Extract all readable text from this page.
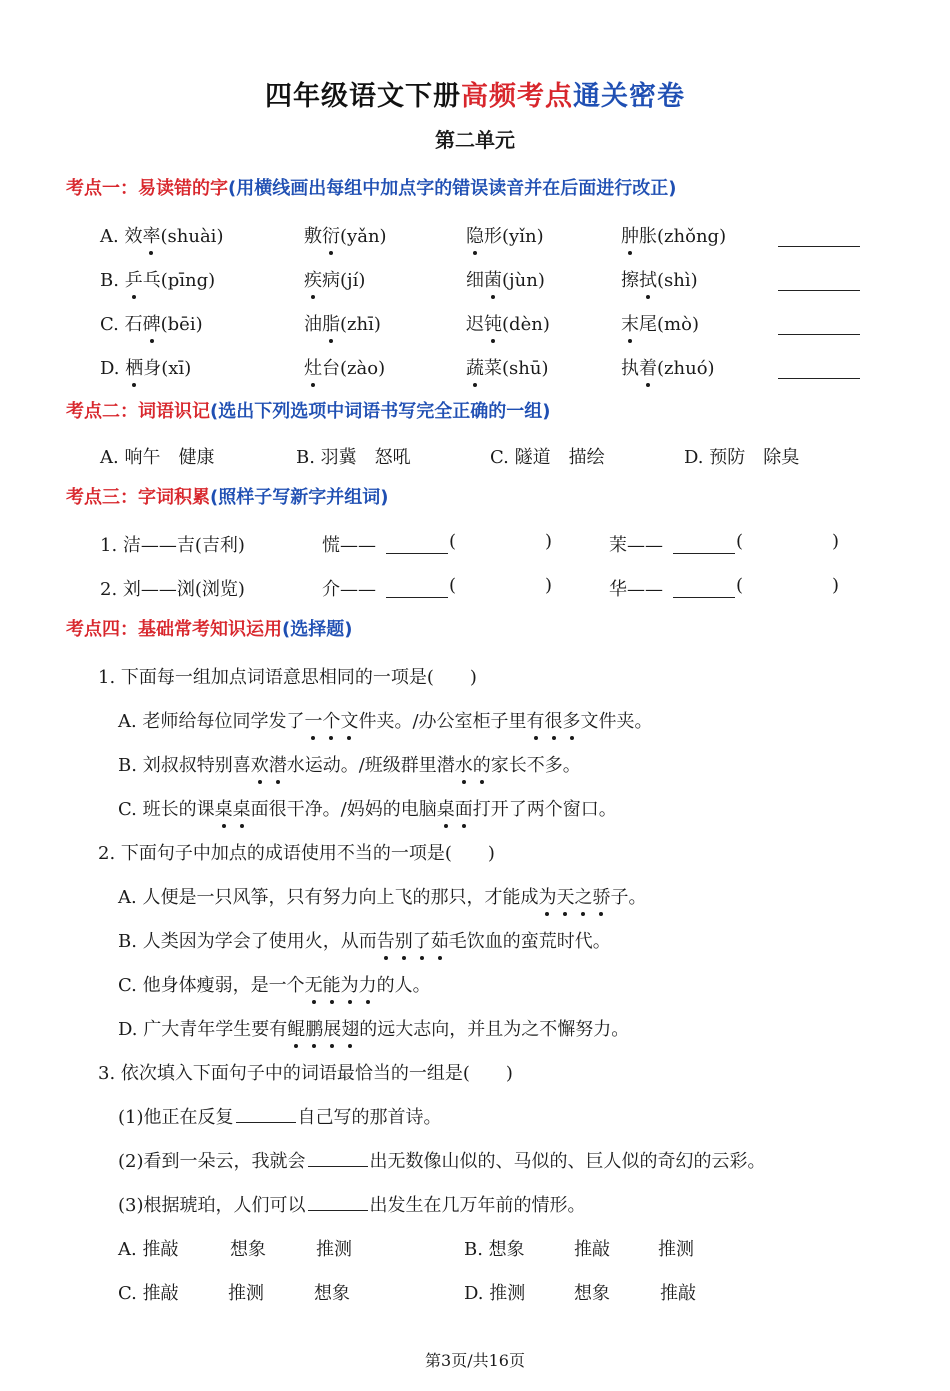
四年级语文下册高频考点通关密卷
第二单元
考点一：易读错的字(用横线画出每组中加点字的错误读音并在后面进行改正)
A. 效率(shuài)	敷衍(yǎn)	隐形(yǐn)	肿胀(zhǒng)
B. 乒乓(pīng)	疾病(jí)	细菌(jùn)	擦拭(shì)
C. 石碑(bēi)	油脂(zhī)	迟钝(dèn)	末尾(mò)
D. 栖身(xī)	灶台(zào)	蔬菜(shū)	执着(zhuó)
考点二：词语识记(选出下列选项中词语书写完全正确的一组)
A. 响午　健康	B. 羽冀　怒吼	C. 隧道　描绘	D. 预防　除臭
考点三：字词积累(照样子写新字并组词)
1. 洁——吉(吉利)	慌——	(	)	茉——	(	)
2. 刘——浏(浏览)	介——	(	)	华——	(	)
考点四：基础常考知识运用(选择题)
1. 下面每一组加点词语意思相同的一项是(　　)
A. 老师给每位同学发了一个文件夹。/办公室柜子里有很多文件夹。
B. 刘叔叔特别喜欢潜水运动。/班级群里潜水的家长不多。
C. 班长的课桌桌面很干净。/妈妈的电脑桌面打开了两个窗口。
2. 下面句子中加点的成语使用不当的一项是(　　)
A. 人便是一只风筝，只有努力向上飞的那只，才能成为天之骄子。
B. 人类因为学会了使用火，从而告别了茹毛饮血的蛮荒时代。
C. 他身体瘦弱，是一个无能为力的人。
D. 广大青年学生要有鲲鹏展翅的远大志向，并且为之不懈努力。
3. 依次填入下面句子中的词语最恰当的一组是(　　)
(1)他正在反复	自己写的那首诗。
(2)看到一朵云，我就会	出无数像山似的、马似的、巨人似的奇幻的云彩。
(3)根据琥珀，人们可以	出发生在几万年前的情形。
A. 推敲	想象	推测	B. 想象	推敲	推测
C. 推敲	推测	想象	D. 推测	想象	推敲
第3页/共16页
